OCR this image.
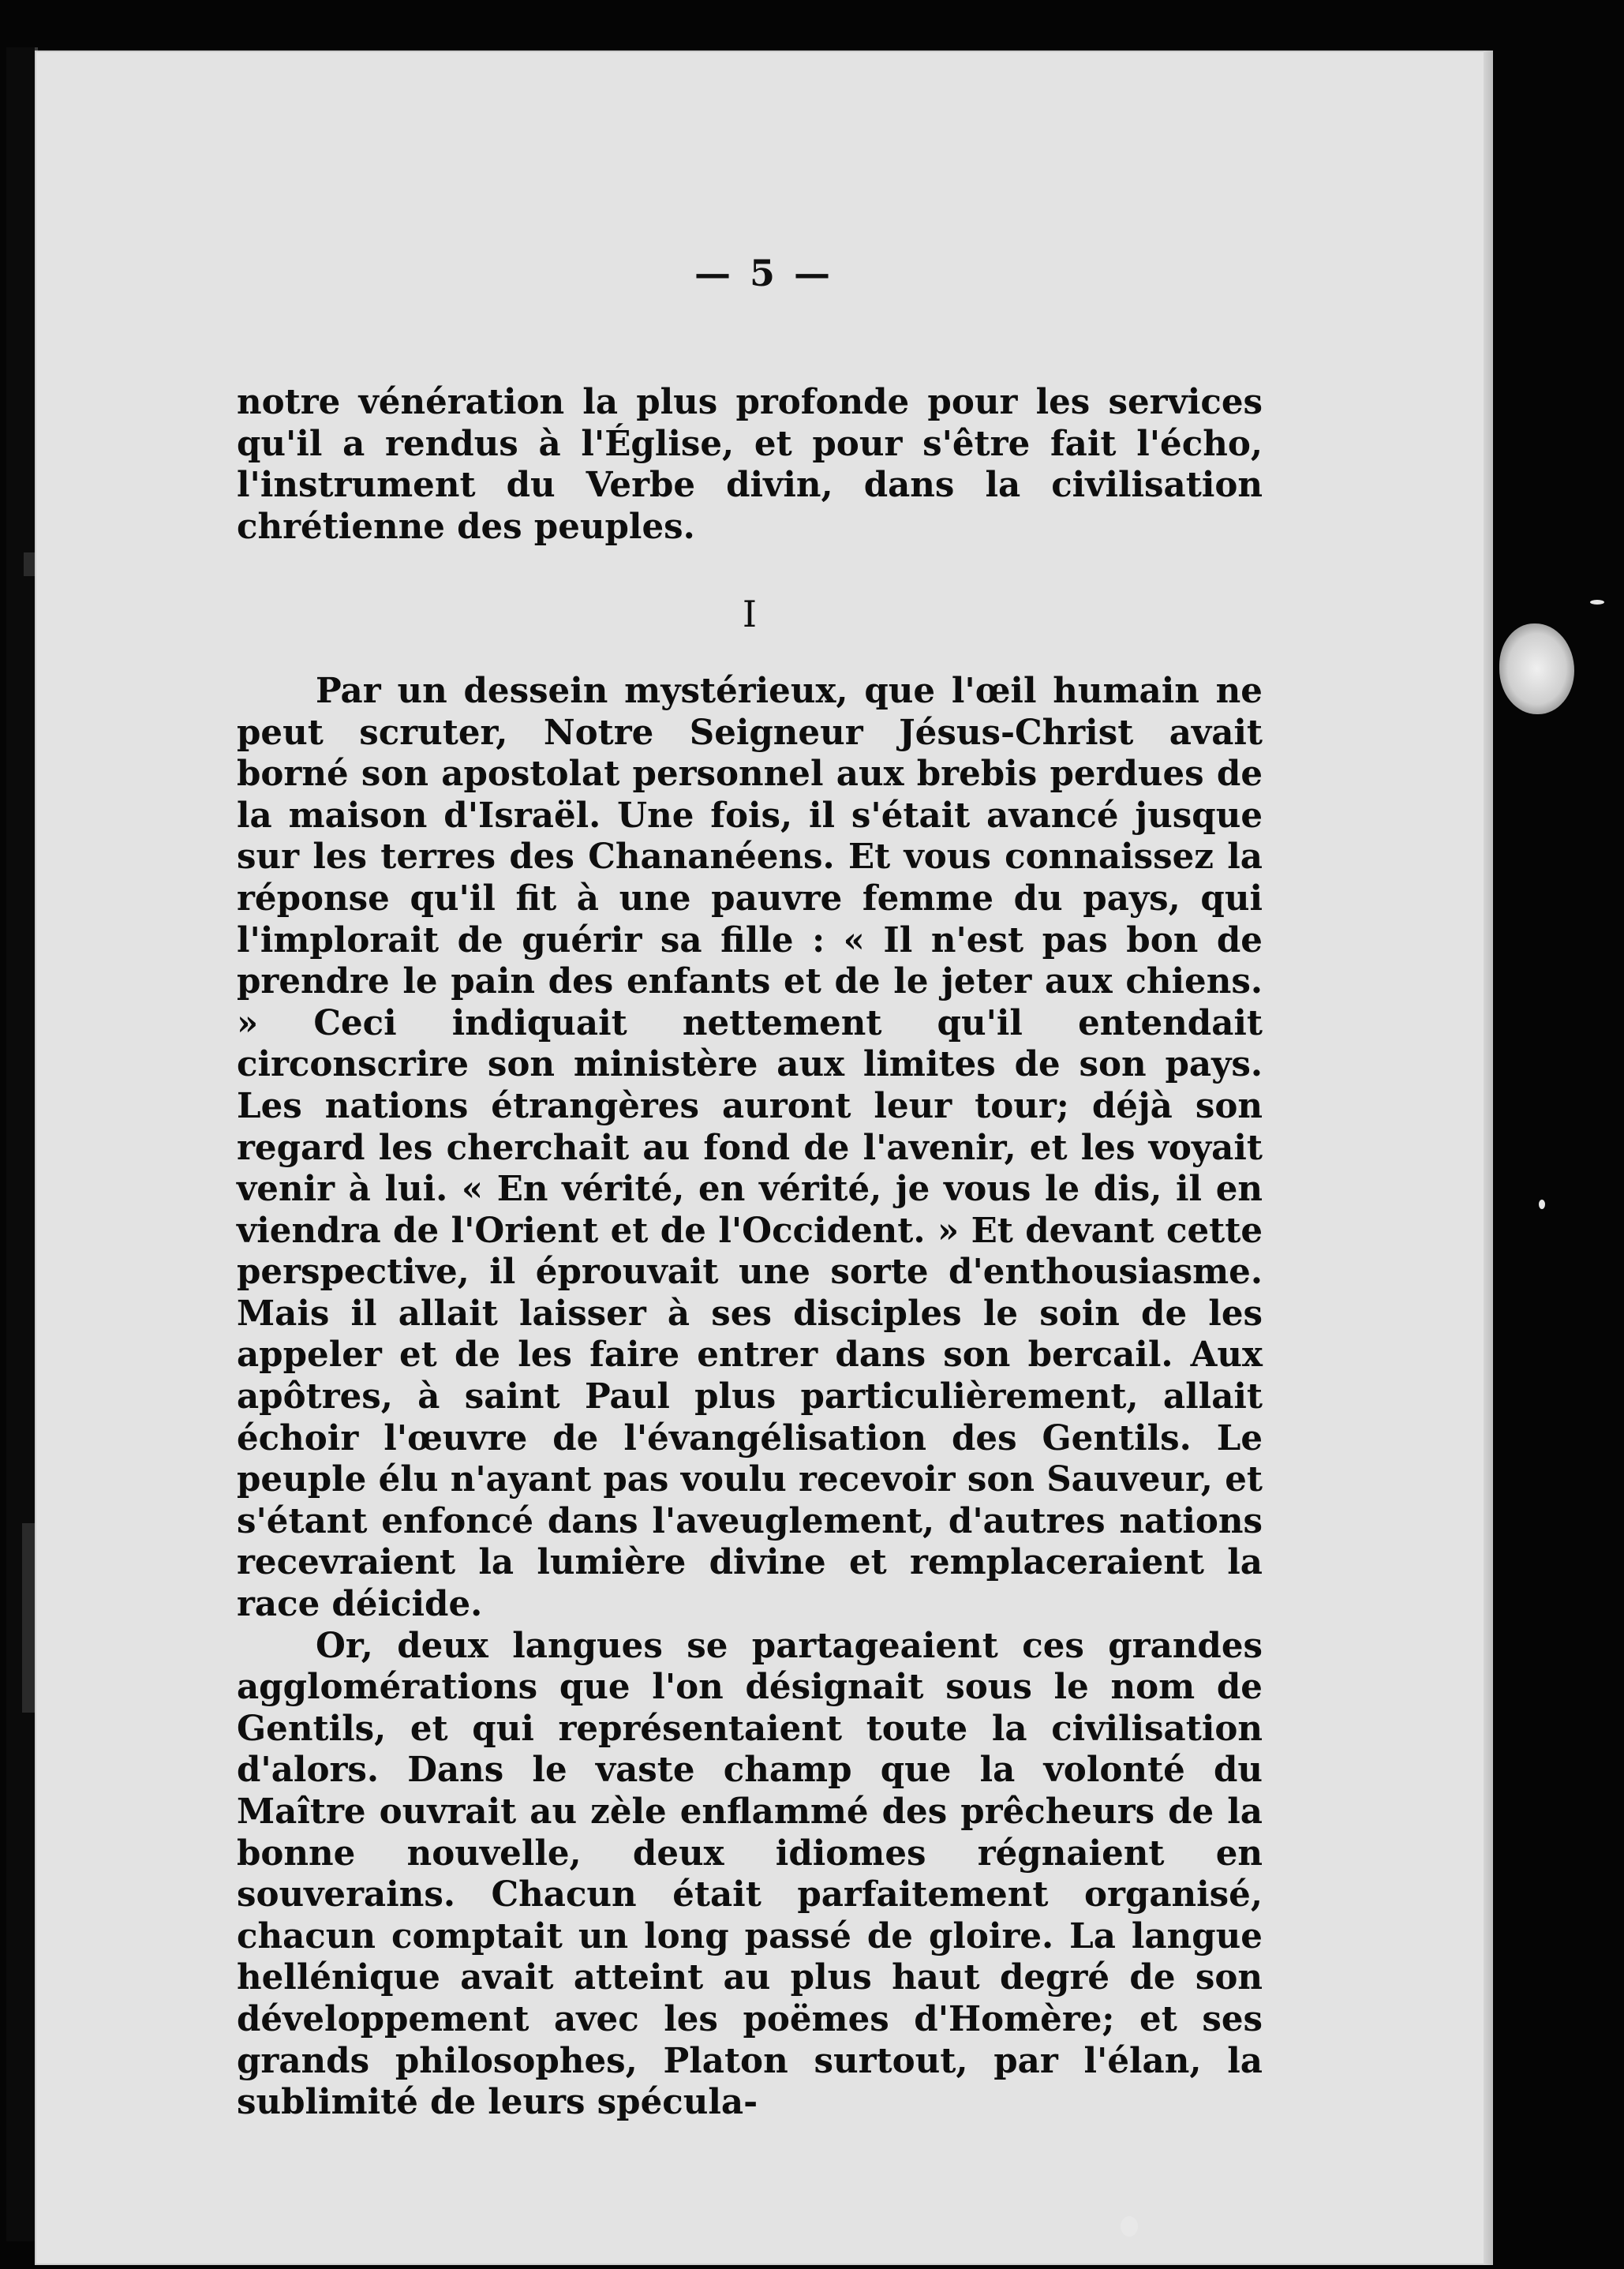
— 5 —

notre vénération la plus profonde pour les services qu'il a rendus à l'Église, et pour s'être fait l'écho, l'instrument du Verbe divin, dans la civilisation chrétienne des peuples.

I

Par un dessein mystérieux, que l'œil humain ne peut scruter, Notre Seigneur Jésus-Christ avait borné son apostolat personnel aux brebis perdues de la maison d'Israël. Une fois, il s'était avancé jusque sur les terres des Chananéens. Et vous connaissez la réponse qu'il fit à une pauvre femme du pays, qui l'implorait de guérir sa fille : « Il n'est pas bon de prendre le pain des enfants et de le jeter aux chiens. » Ceci indiquait nettement qu'il entendait circonscrire son ministère aux limites de son pays. Les nations étrangères auront leur tour; déjà son regard les cherchait au fond de l'avenir, et les voyait venir à lui. « En vérité, en vérité, je vous le dis, il en viendra de l'Orient et de l'Occident. » Et devant cette perspective, il éprouvait une sorte d'enthousiasme. Mais il allait laisser à ses disciples le soin de les appeler et de les faire entrer dans son bercail. Aux apôtres, à saint Paul plus particulièrement, allait échoir l'œuvre de l'évangélisation des Gentils. Le peuple élu n'ayant pas voulu recevoir son Sauveur, et s'étant enfoncé dans l'aveuglement, d'autres nations recevraient la lumière divine et remplaceraient la race déicide.

Or, deux langues se partageaient ces grandes agglomérations que l'on désignait sous le nom de Gentils, et qui représentaient toute la civilisation d'alors. Dans le vaste champ que la volonté du Maître ouvrait au zèle enflammé des prêcheurs de la bonne nouvelle, deux idiomes régnaient en souverains. Chacun était parfaitement organisé, chacun comptait un long passé de gloire. La langue hellénique avait atteint au plus haut degré de son développement avec les poëmes d'Homère; et ses grands philosophes, Platon surtout, par l'élan, la sublimité de leurs spécula-
